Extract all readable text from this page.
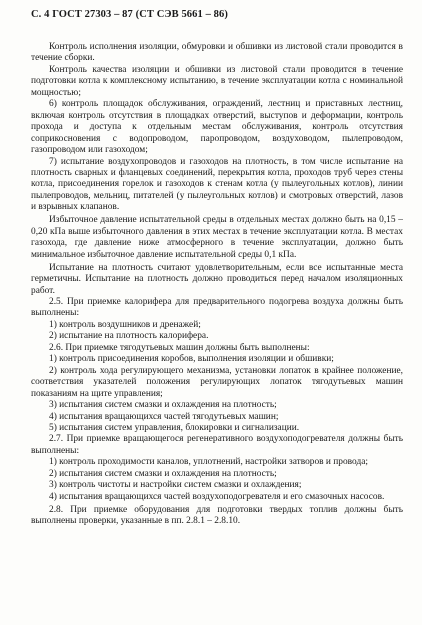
С. 4 ГОСТ 27303 – 87 (СТ СЭВ 5661 – 86)

Контроль исполнения изоляции, обмуровки и обшивки из листовой стали проводится в течение сборки.

Контроль качества изоляции и обшивки из листовой стали проводится в течение подготовки котла к комплексному испытанию, в течение эксплуатации котла с номинальной мощностью;

6) контроль площадок обслуживания, ограждений, лестниц и приставных лестниц, включая контроль отсутствия в площадках отверстий, выступов и деформации, контроль прохода и доступа к отдельным местам обслуживания, контроль отсутствия соприкосновения с водопроводом, паропроводом, воздуховодом, пылепроводом, газопроводом или газоходом;

7) испытание воздухопроводов и газоходов на плотность, в том числе испытание на плотность сварных и фланцевых соединений, перекрытия котла, проходов труб через стены котла, присоединения горелок и газоходов к стенам котла (у пылеугольных котлов), линии пылепроводов, мельниц, питателей (у пылеугольных котлов) и смотровых отверстий, лазов и взрывных клапанов.

Избыточное давление испытательной среды в отдельных местах должно быть на 0,15 – 0,20 кПа выше избыточного давления в этих местах в течение эксплуатации котла. В местах газохода, где давление ниже атмосферного в течение эксплуатации, должно быть минимальное избыточное давление испытательной среды 0,1 кПа.

Испытание на плотность считают удовлетворительным, если все испытанные места герметичны. Испытание на плотность должно проводиться перед началом изоляционных работ.

2.5. При приемке калорифера для предварительного подогрева воздуха должны быть выполнены:

1) контроль воздушников и дренажей;

2) испытание на плотность калорифера.

2.6. При приемке тягодутьевых машин должны быть выполнены:

1) контроль присоединения коробов, выполнения изоляции и обшивки;

2) контроль хода регулирующего механизма, установки лопаток в крайнее положение, соответствия указателей положения регулирующих лопаток тягодутьевых машин показаниям на щите управления;

3) испытания систем смазки и охлаждения на плотность;

4) испытания вращающихся частей тягодутьевых машин;

5) испытания систем управления, блокировки и сигнализации.

2.7. При приемке вращающегося регенеративного воздухоподогревателя должны быть выполнены:

1) контроль проходимости каналов, уплотнений, настройки затворов и провода;

2) испытания систем смазки и охлаждения на плотность;

3) контроль чистоты и настройки систем смазки и охлаждения;

4) испытания вращающихся частей воздухоподогревателя и его смазочных насосов.

2.8. При приемке оборудования для подготовки твердых топлив должны быть выполнены проверки, указанные в пп. 2.8.1 – 2.8.10.
